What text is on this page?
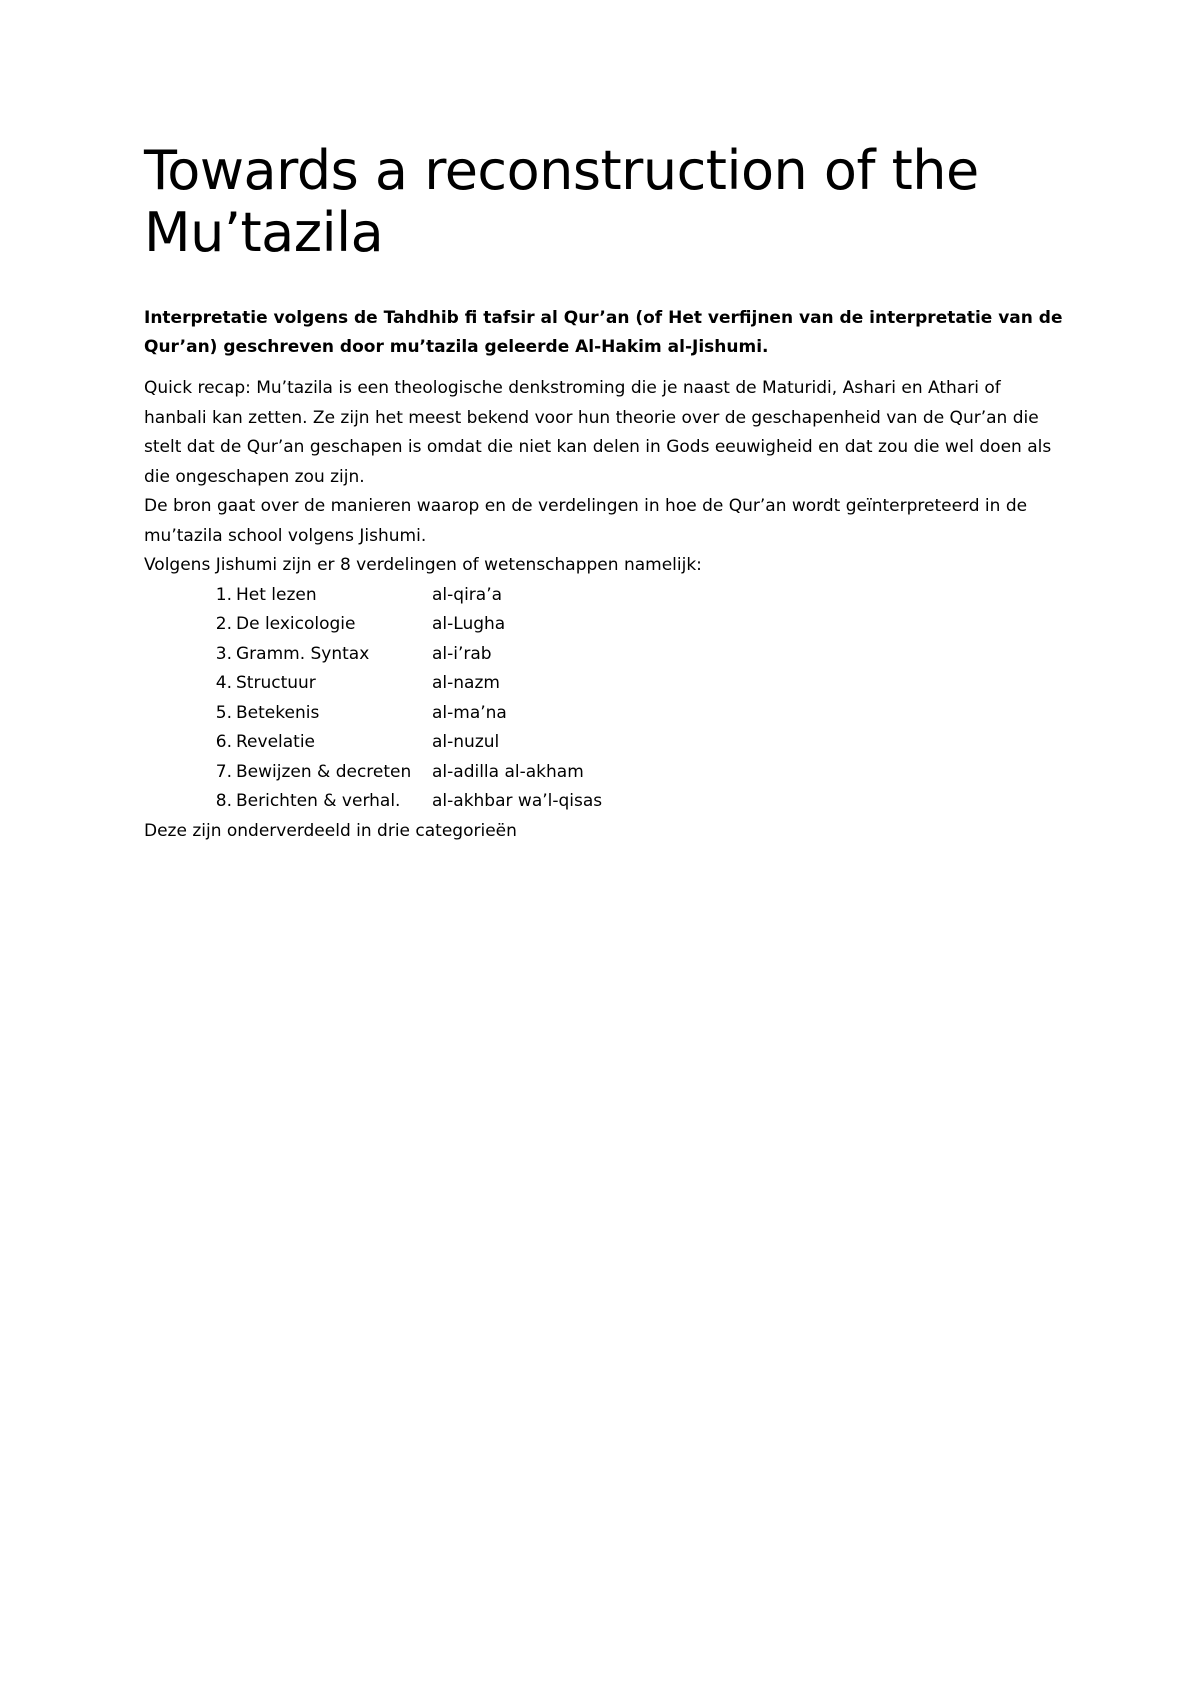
Towards a reconstruction of the Mu’tazila
Interpretatie volgens de Tahdhib fi tafsir al Qur’an (of Het verfijnen van de interpretatie van de Qur’an) geschreven door mu’tazila geleerde Al-Hakim al-Jishumi.

Quick recap: Mu’tazila is een theologische denkstroming die je naast de Maturidi, Ashari en Athari of hanbali kan zetten. Ze zijn het meest bekend voor hun theorie over de geschapenheid van de Qur’an die stelt dat de Qur’an geschapen is omdat die niet kan delen in Gods eeuwigheid en dat zou die wel doen als die ongeschapen zou zijn.

De bron gaat over de manieren waarop en de verdelingen in hoe de Qur’an wordt geïnterpreteerd in de mu’tazila school volgens Jishumi.

Volgens Jishumi zijn er 8 verdelingen of wetenschappen namelijk:

1. Het lezen	al-qira’a
2. De lexicologie	al-Lugha
3. Gramm. Syntax	al-i’rab
4. Structuur	al-nazm
5. Betekenis	al-ma’na
6. Revelatie	al-nuzul
7. Bewijzen & decreten	al-adilla al-akham
8. Berichten & verhal.	al-akhbar wa’l-qisas

Deze zijn onderverdeeld in drie categorieën
